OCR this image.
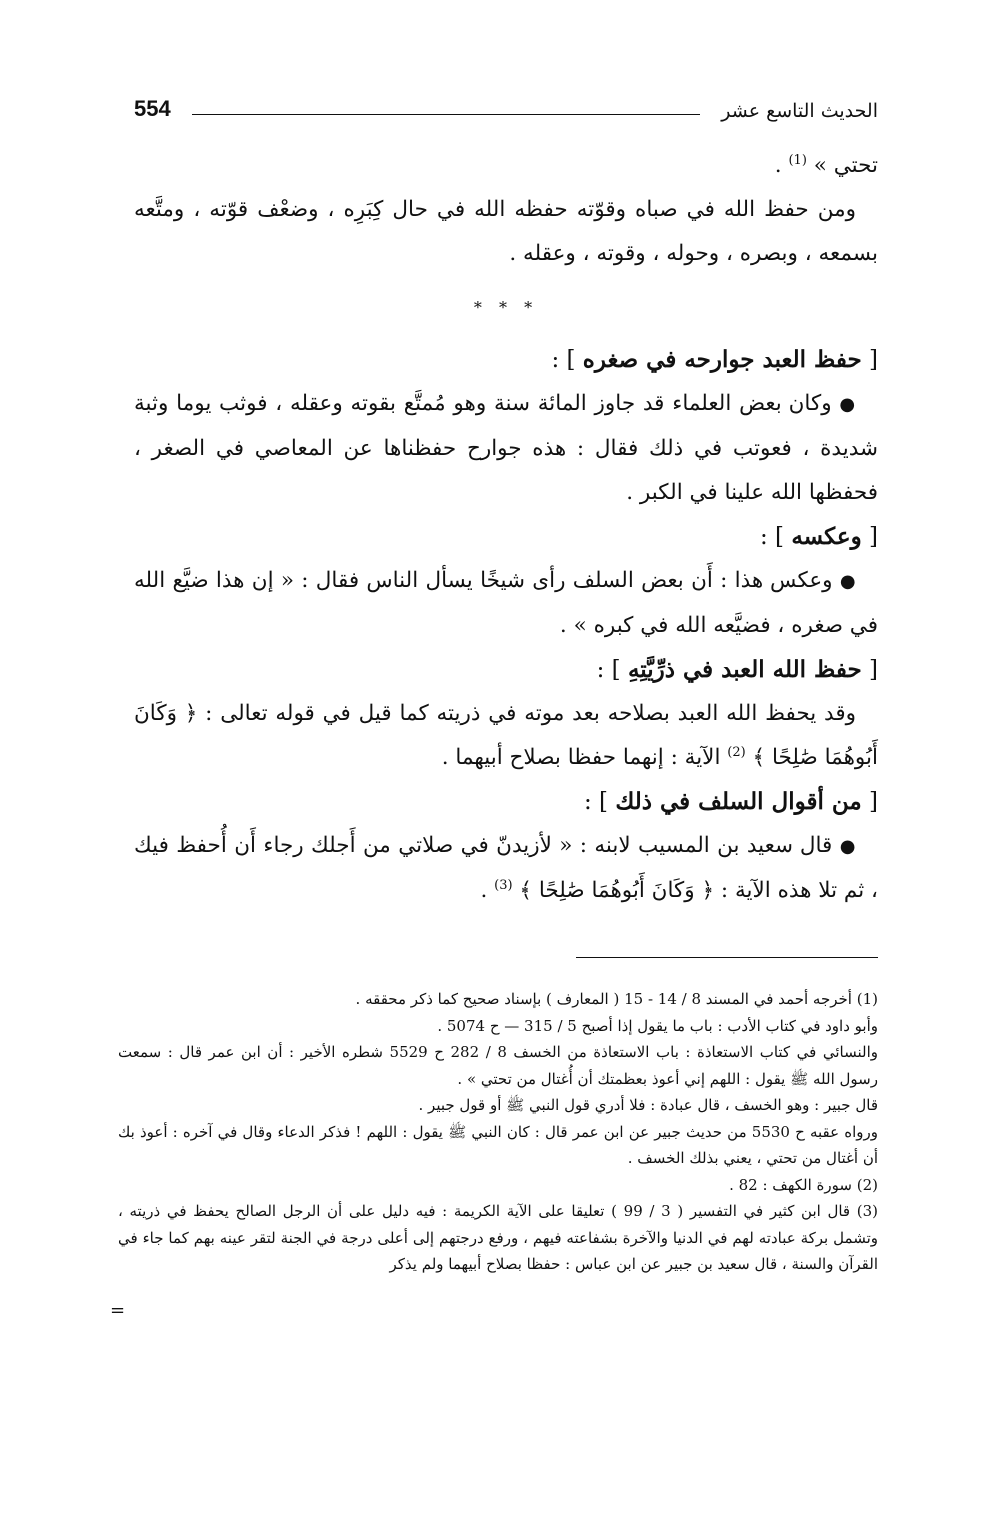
554	الحديث التاسع عشر

تحتي » $^{(1)}$ .

ومن حفظ الله في صباه وقوّته حفظه الله في حال كِبَرِه ، وضعْف قوّته ، ومتَّعه بسمعه ، وبصره ، وحوله ، وقوته ، وعقله .

* * *

[ حفظ العبد جوارحه في صغره ] :

● وكان بعض العلماء قد جاوز المائة سنة وهو مُمتَّع بقوته وعقله ، فوثب يوما وثبة شديدة ، فعوتب في ذلك فقال : هذه جوارح حفظناها عن المعاصي في الصغر ، فحفظها الله علينا في الكبر .

[ وعكسه ] :

● وعكس هذا : أَن بعض السلف رأى شيخًا يسأل الناس فقال : « إن هذا ضيَّع الله في صغره ، فضيَّعه الله في كبره » .

[ حفظ الله العبد في ذرِّيَّتِهِ ] :

وقد يحفظ الله العبد بصلاحه بعد موته في ذريته كما قيل في قوله تعالى : ﴿ وَكَانَ أَبُوهُمَا صَٰلِحًا ﴾ $^{(2)}$ الآية : إنهما حفظا بصلاح أبيهما .

[ من أقوال السلف في ذلك ] :

● قال سعيد بن المسيب لابنه : « لأزيدنّ في صلاتي من أَجلك رجاء أَن أُحفظ فيك ، ثم تلا هذه الآية : ﴿ وَكَانَ أَبُوهُمَا صَٰلِحًا ﴾ $^{(3)}$ .

(1) أخرجه أحمد في المسند 8 / 14 - 15 ( المعارف ) بإسناد صحيح كما ذكر محققه .

وأبو داود في كتاب الأدب : باب ما يقول إذا أصبح 5 / 315 — ح 5074 .

والنسائي في كتاب الاستعاذة : باب الاستعاذة من الخسف 8 / 282 ح 5529 شطره الأخير : أن ابن عمر قال : سمعت رسول الله ﷺ يقول : اللهم إني أعوذ بعظمتك أن أُغتال من تحتي » .

قال جبير : وهو الخسف ، قال عبادة : فلا أدري قول النبي ﷺ أو قول جبير .

ورواه عقبه ح 5530 من حديث جبير عن ابن عمر قال : كان النبي ﷺ يقول : اللهم ! فذكر الدعاء وقال في آخره : أعوذ بك أن أغتال من تحتي ، يعني بذلك الخسف .

(2) سورة الكهف : 82 .

(3) قال ابن كثير في التفسير ( 3 / 99 ) تعليقا على الآية الكريمة : فيه دليل على أن الرجل الصالح يحفظ في ذريته ، وتشمل بركة عبادته لهم في الدنيا والآخرة بشفاعته فيهم ، ورفع درجتهم إلى أعلى درجة في الجنة لتقر عينه بهم كما جاء في القرآن والسنة ، قال سعيد بن جبير عن ابن عباس : حفظا بصلاح أبيهما ولم يذكر

=
